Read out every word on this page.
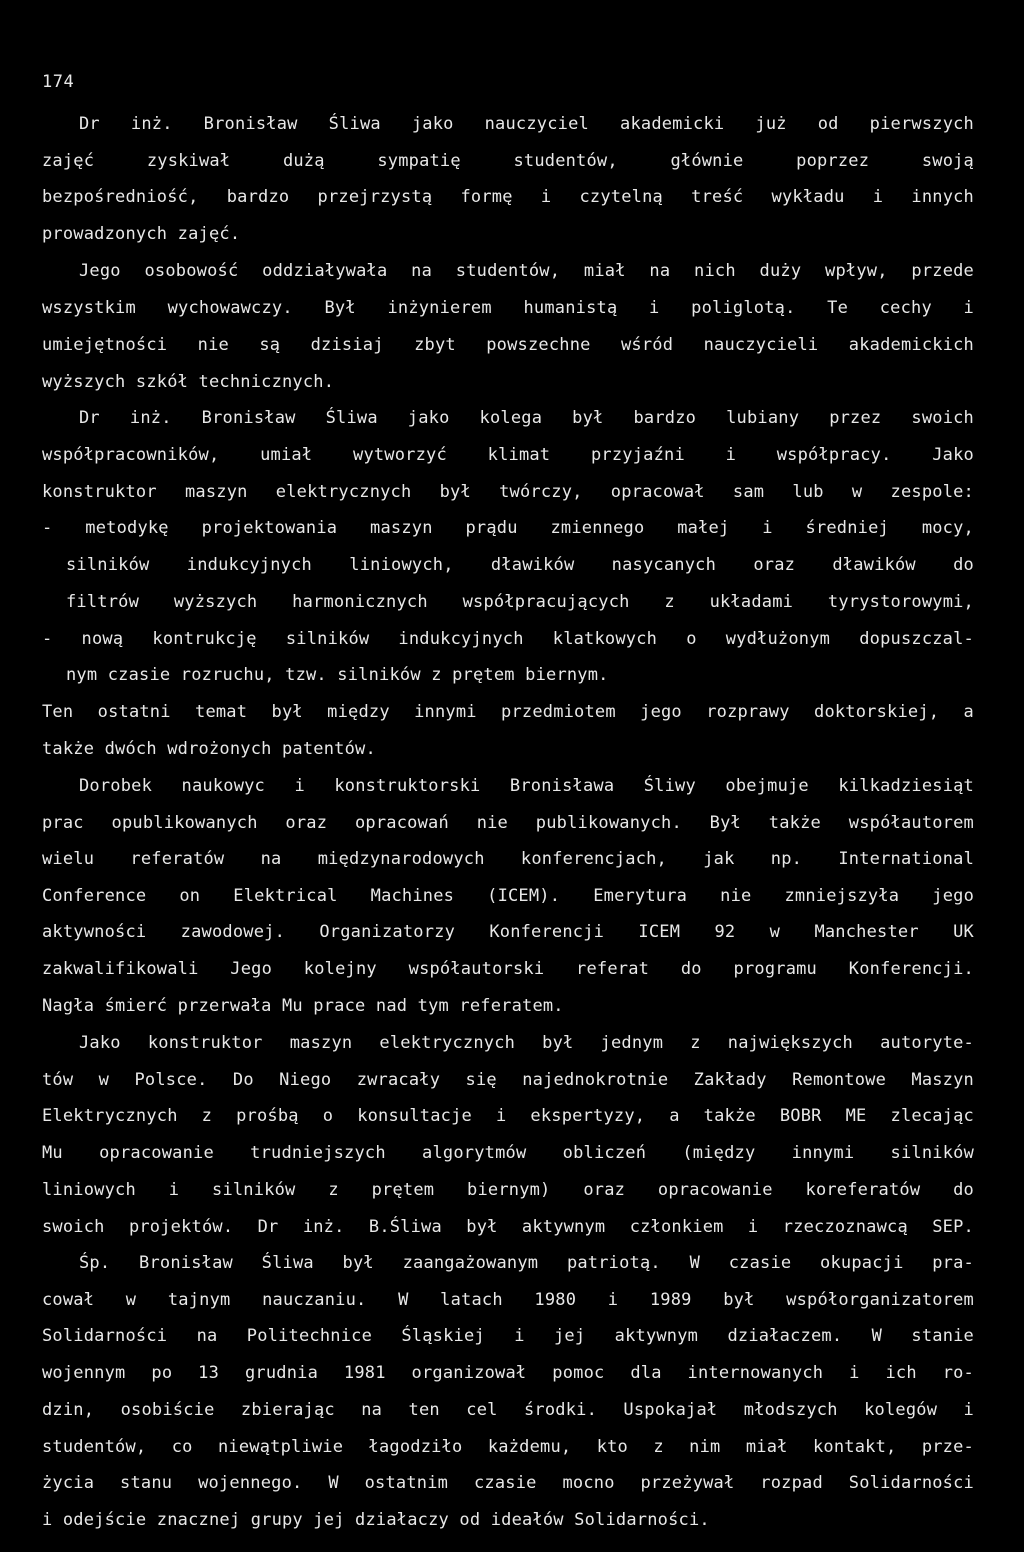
174
Dr inż. Bronisław Śliwa jako nauczyciel akademicki już od pierwszych
zajęć zyskiwał dużą sympatię studentów, głównie poprzez swoją
bezpośredniość, bardzo przejrzystą formę i czytelną treść wykładu i innych
prowadzonych zajęć.
Jego osobowość oddziaływała na studentów, miał na nich duży wpływ, przede
wszystkim wychowawczy. Był inżynierem humanistą i poliglotą. Te cechy i
umiejętności nie są dzisiaj zbyt powszechne wśród nauczycieli akademickich
wyższych szkół technicznych.
Dr inż. Bronisław Śliwa jako kolega był bardzo lubiany przez swoich
współpracowników, umiał wytworzyć klimat przyjaźni i współpracy. Jako
konstruktor maszyn elektrycznych był twórczy, opracował sam lub w zespole:
- metodykę projektowania maszyn prądu zmiennego małej i średniej mocy,
silników indukcyjnych liniowych, dławików nasycanych oraz dławików do
filtrów wyższych harmonicznych współpracujących z układami tyrystorowymi,
- nową kontrukcję silników indukcyjnych klatkowych o wydłużonym dopuszczal-
nym czasie rozruchu, tzw. silników z prętem biernym.
Ten ostatni temat był między innymi przedmiotem jego rozprawy doktorskiej, a
także dwóch wdrożonych patentów.
Dorobek naukowyc i konstruktorski Bronisława Śliwy obejmuje kilkadziesiąt
prac opublikowanych oraz opracowań nie publikowanych. Był także współautorem
wielu referatów na międzynarodowych konferencjach, jak np. International
Conference on Elektrical Machines (ICEM). Emerytura nie zmniejszyła jego
aktywności zawodowej. Organizatorzy Konferencji ICEM 92 w Manchester UK
zakwalifikowali Jego kolejny współautorski referat do programu Konferencji.
Nagła śmierć przerwała Mu prace nad tym referatem.
Jako konstruktor maszyn elektrycznych był jednym z największych autoryte-
tów w Polsce. Do Niego zwracały się najednokrotnie Zakłady Remontowe Maszyn
Elektrycznych z prośbą o konsultacje i ekspertyzy, a także BOBR ME zlecając
Mu opracowanie trudniejszych algorytmów obliczeń (między innymi silników
liniowych i silników z prętem biernym) oraz opracowanie koreferatów do
swoich projektów. Dr inż. B.Śliwa był aktywnym członkiem i rzeczoznawcą SEP.
Śp. Bronisław Śliwa był zaangażowanym patriotą. W czasie okupacji pra-
cował w tajnym nauczaniu. W latach 1980 i 1989 był współorganizatorem
Solidarności na Politechnice Śląskiej i jej aktywnym działaczem. W stanie
wojennym po 13 grudnia 1981 organizował pomoc dla internowanych i ich ro-
dzin, osobiście zbierając na ten cel środki. Uspokajał młodszych kolegów i
studentów, co niewątpliwie łagodziło każdemu, kto z nim miał kontakt, prze-
życia stanu wojennego. W ostatnim czasie mocno przeżywał rozpad Solidarności
i odejście znacznej grupy jej działaczy od ideałów Solidarności.
